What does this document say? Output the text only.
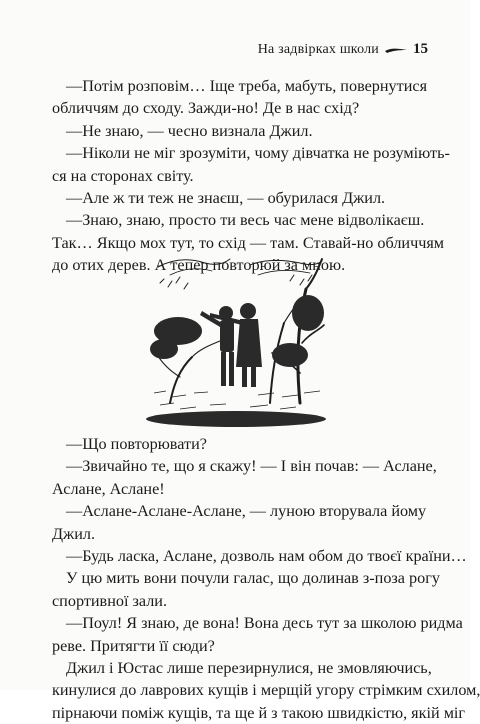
На задвірках школи 15
—Потім розповім… Іще треба, мабуть, повернутися
обличчям до сходу. Зажди-но! Де в нас схід?
—Не знаю, — чесно визнала Джил.
—Ніколи не міг зрозуміти, чому дівчатка не розуміють-
ся на сторонах світу.
—Але ж ти теж не знаєш, — обурилася Джил.
—Знаю, знаю, просто ти весь час мене відволікаєш.
Так… Якщо мох тут, то схід — там. Ставай-но обличчям
до отих дерев. А тепер повторюй за мною.
—Що повторювати?
—Звичайно те, що я скажу! — І він почав: — Аслане,
Аслане, Аслане!
—Аслане-Аслане-Аслане, — луною вторувала йому
Джил.
—Будь ласка, Аслане, дозволь нам обом до твоєї країни…
У цю мить вони почули галас, що долинав з-поза рогу
спортивної зали.
—Поул! Я знаю, де вона! Вона десь тут за школою ридма
реве. Притягти її сюди?
Джил і Юстас лише перезирнулися, не змовляючись,
кинулися до лаврових кущів і мерщій угору стрімким схилом,
пірнаючи поміж кущів, та ще й з такою швидкістю, якій міг
